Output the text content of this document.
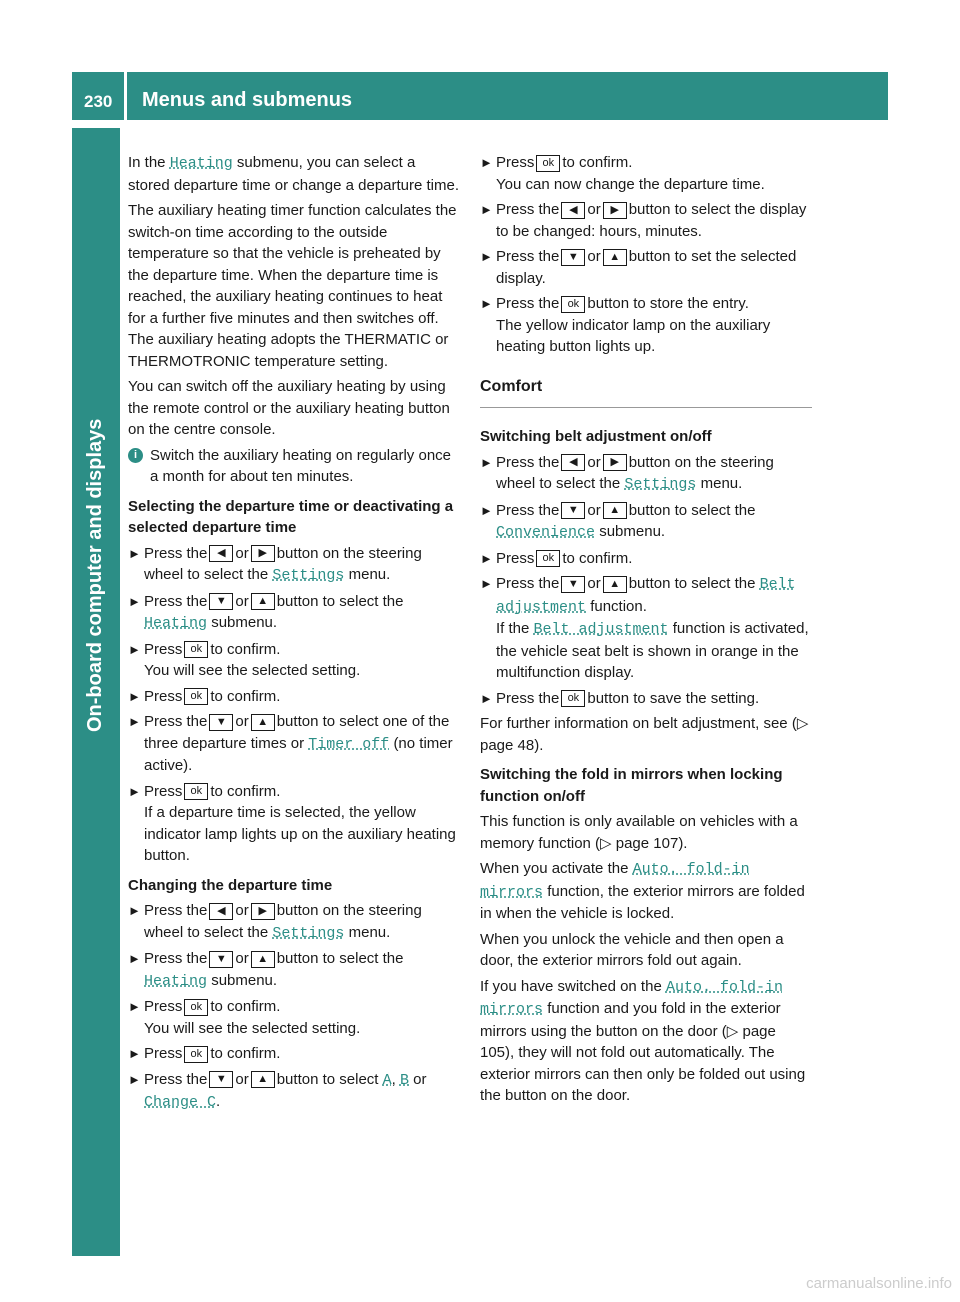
230 Menus and submenus
On-board computer and displays

In the Heating submenu, you can select a stored departure time or change a departure time.

The auxiliary heating timer function calculates the switch-on time according to the outside temperature so that the vehicle is preheated by the departure time. When the departure time is reached, the auxiliary heating continues to heat for a further five minutes and then switches off. The auxiliary heating adopts the THERMATIC or THERMOTRONIC temperature setting.

You can switch off the auxiliary heating by using the remote control or the auxiliary heating button on the centre console.

i Switch the auxiliary heating on regularly once a month for about ten minutes.
Selecting the departure time or deactivating a selected departure time
► Press the ◀ or ▶ button on the steering wheel to select the Settings menu.
► Press the ▼ or ▲ button to select the Heating submenu.
► Press ok to confirm.
You will see the selected setting.
► Press ok to confirm.
► Press the ▼ or ▲ button to select one of the three departure times or Timer off (no timer active).
► Press ok to confirm.
If a departure time is selected, the yellow indicator lamp lights up on the auxiliary heating button.
Changing the departure time
► Press the ◀ or ▶ button on the steering wheel to select the Settings menu.
► Press the ▼ or ▲ button to select the Heating submenu.
► Press ok to confirm.
You will see the selected setting.
► Press ok to confirm.
► Press the ▼ or ▲ button to select A, B or Change C.
► Press ok to confirm.
You can now change the departure time.
► Press the ◀ or ▶ button to select the display to be changed: hours, minutes.
► Press the ▼ or ▲ button to set the selected display.
► Press the ok button to store the entry.
The yellow indicator lamp on the auxiliary heating button lights up.
Comfort
Switching belt adjustment on/off
► Press the ◀ or ▶ button on the steering wheel to select the Settings menu.
► Press the ▼ or ▲ button to select the Convenience submenu.
► Press ok to confirm.
► Press the ▼ or ▲ button to select the Belt adjustment function.
If the Belt adjustment function is activated, the vehicle seat belt is shown in orange in the multifunction display.
► Press the ok button to save the setting.

For further information on belt adjustment, see (▷ page 48).

Switching the fold in mirrors when locking function on/off

This function is only available on vehicles with a memory function (▷ page 107).

When you activate the Auto. fold-in mirrors function, the exterior mirrors are folded in when the vehicle is locked.

When you unlock the vehicle and then open a door, the exterior mirrors fold out again.

If you have switched on the Auto. fold-in mirrors function and you fold in the exterior mirrors using the button on the door (▷ page 105), they will not fold out automatically. The exterior mirrors can then only be folded out using the button on the door.

carmanualsonline.info
